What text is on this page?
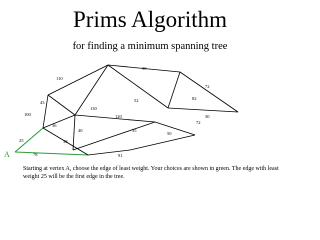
Prims Algorithm
for finding a minimum spanning tree
110
90
72
43	52	82
30
130
100	120
72
36
40	35
50
78
25	38
91
A
Starting at vertex A, choose the edge of least weight. Your choices are shown in green. The edge with least weight 25 will be the first edge in the tree.
